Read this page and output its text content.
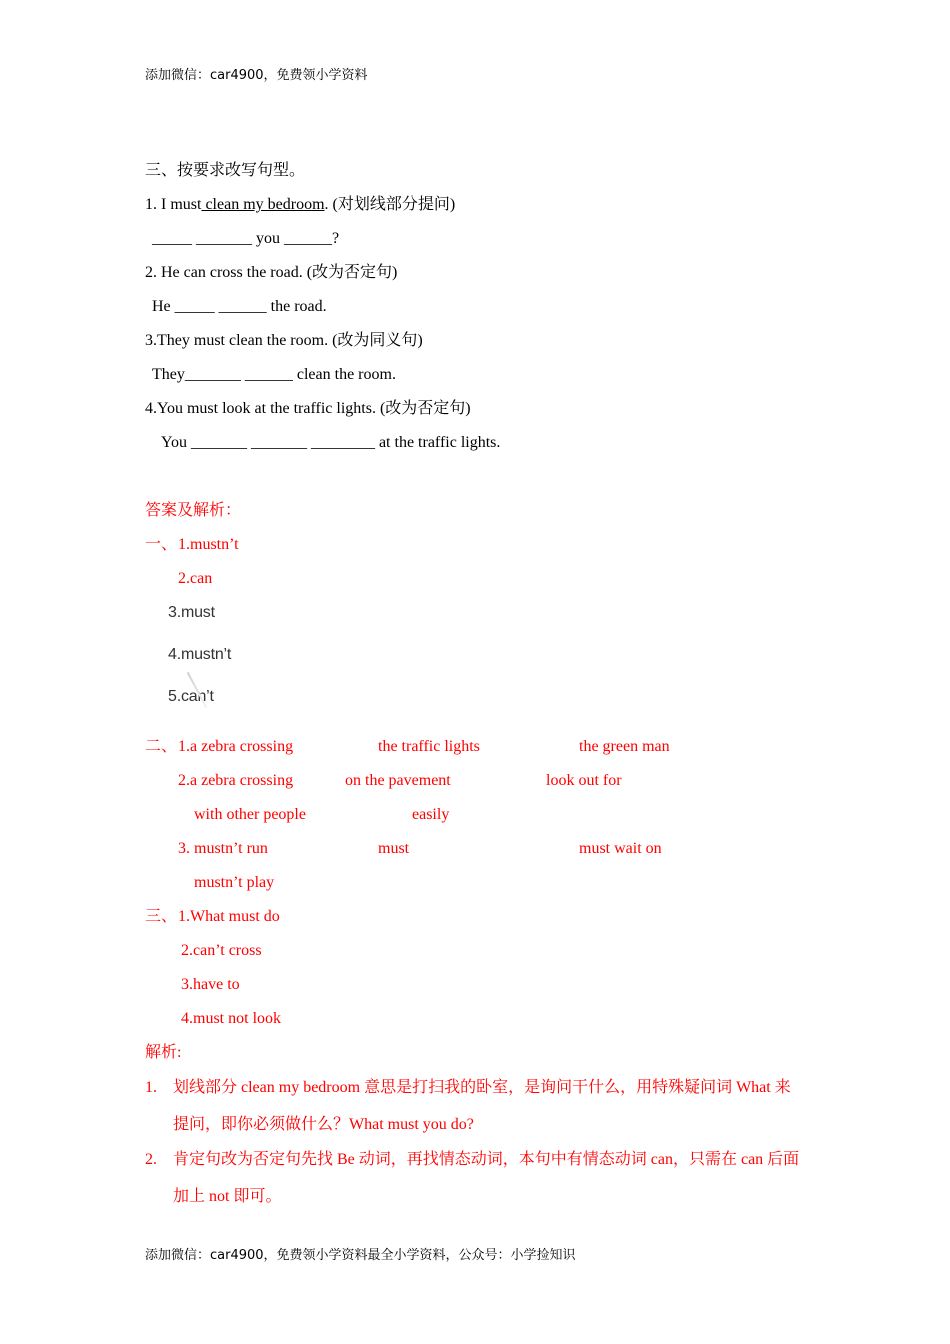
添加微信：car4900，免费领小学资料
三、按要求改写句型。
1. I must clean my bedroom. (对划线部分提问)
_____ _______ you ______?
2. He can cross the road. (改为否定句)
He _____ ______ the road.
3.They must clean the room. (改为同义句)
They_______ ______ clean the room.
4.You must look at the traffic lights. (改为否定句)
You _______ _______ ________ at the traffic lights.
答案及解析：
一、 1.mustn’t
2.can
3.must
4.mustn’t
5.can’t
二、 1.a zebra crossing	the traffic lights	the green man
2.a zebra crossing	on the pavement	look out for
with other people	easily
3. mustn’t run	must	must wait on
mustn’t play
三、 1.What must do
2.can’t cross
3.have to
4.must not look
解析:
1. 划线部分 clean my bedroom 意思是打扫我的卧室，是询问干什么，用特殊疑问词 What 来
提问，即你必须做什么？What must you do?
2. 肯定句改为否定句先找 Be 动词，再找情态动词，本句中有情态动词 can，只需在 can 后面
加上 not 即可。
添加微信：car4900，免费领小学资料最全小学资料，公众号：小学捡知识
